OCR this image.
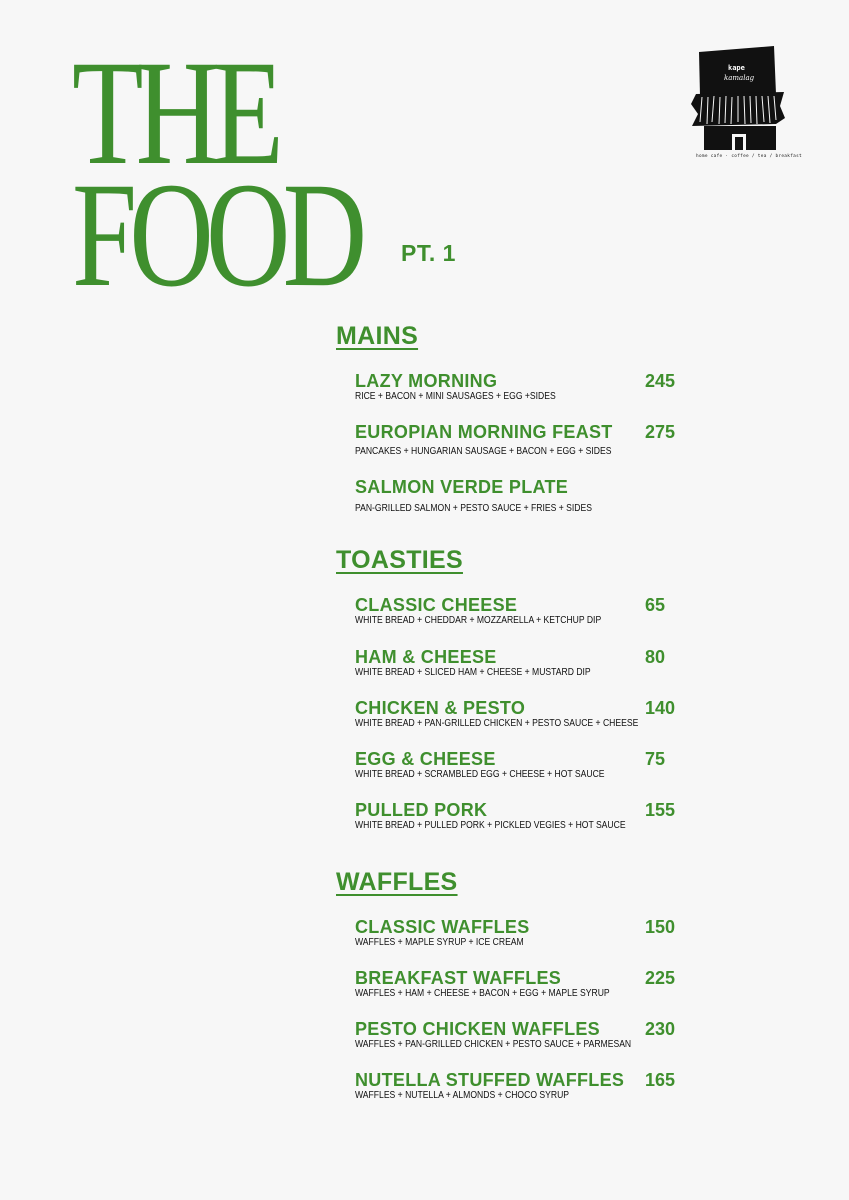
THE
FOOD PT. 1
kape
kamalag
home cafe · coffee / tea / breakfast
MAINS
LAZY MORNING	245
RICE + BACON + MINI SAUSAGES + EGG +SIDES
EUROPIAN MORNING FEAST	275
PANCAKES + HUNGARIAN SAUSAGE + BACON + EGG + SIDES
SALMON VERDE PLATE
PAN-GRILLED SALMON + PESTO SAUCE + FRIES + SIDES
TOASTIES
CLASSIC CHEESE	65
WHITE BREAD + CHEDDAR + MOZZARELLA + KETCHUP DIP
HAM & CHEESE	80
WHITE BREAD + SLICED HAM + CHEESE + MUSTARD DIP
CHICKEN & PESTO	140
WHITE BREAD + PAN-GRILLED CHICKEN + PESTO SAUCE + CHEESE
EGG & CHEESE	75
WHITE BREAD + SCRAMBLED EGG + CHEESE + HOT SAUCE
PULLED PORK	155
WHITE BREAD + PULLED PORK + PICKLED VEGIES + HOT SAUCE
WAFFLES
CLASSIC WAFFLES	150
WAFFLES + MAPLE SYRUP + ICE CREAM
BREAKFAST WAFFLES	225
WAFFLES + HAM + CHEESE + BACON + EGG + MAPLE SYRUP
PESTO CHICKEN WAFFLES	230
WAFFLES + PAN-GRILLED CHICKEN + PESTO SAUCE + PARMESAN
NUTELLA STUFFED WAFFLES	165
WAFFLES + NUTELLA + ALMONDS + CHOCO SYRUP
